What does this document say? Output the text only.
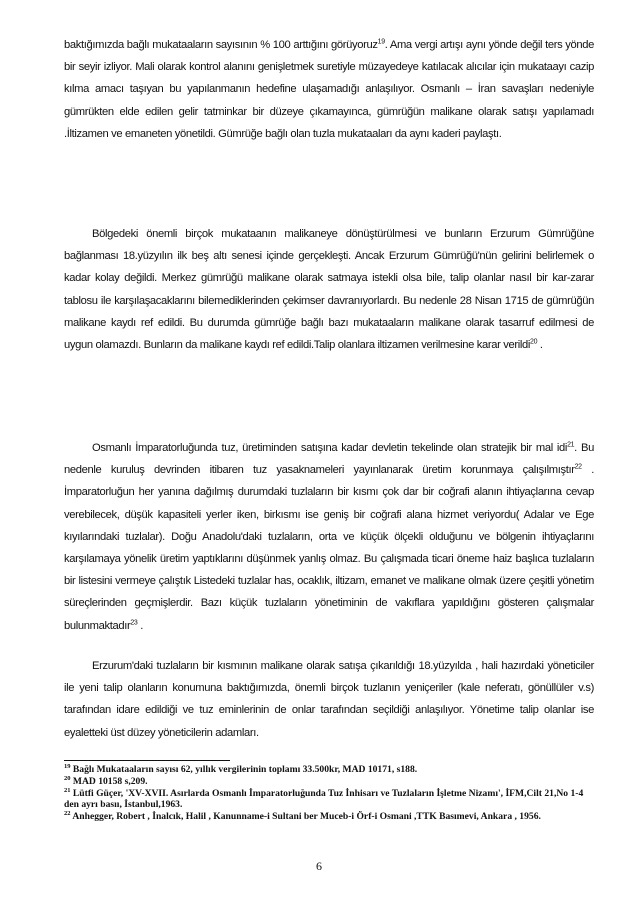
baktığımızda bağlı mukataaların sayısının % 100 arttığını görüyoruz$^{19}$. Ama vergi artışı aynı yönde değil ters yönde bir seyir izliyor. Mali olarak kontrol alanını genişletmek suretiyle müzayedeye katılacak alıcılar için mukataayı cazip kılma amacı taşıyan bu yapılanmanın hedefine ulaşamadığı anlaşılıyor. Osmanlı – İran savaşları nedeniyle gümrükten elde edilen gelir tatminkar bir düzeye çıkamayınca, gümrüğün malikane olarak satışı yapılamadı .İltizamen ve emaneten yönetildi. Gümrüğe bağlı olan tuzla mukataaları da aynı kaderi paylaştı.

Bölgedeki önemli birçok mukataanın malikaneye dönüştürülmesi ve bunların Erzurum Gümrüğüne bağlanması 18.yüzyılın ilk beş altı senesi içinde gerçekleşti. Ancak Erzurum Gümrüğü'nün gelirini belirlemek o kadar kolay değildi. Merkez gümrüğü malikane olarak satmaya istekli olsa bile, talip olanlar nasıl bir kar-zarar tablosu ile karşılaşacaklarını bilemediklerinden çekimser davranıyorlardı. Bu nedenle 28 Nisan 1715 de gümrüğün malikane kaydı ref edildi. Bu durumda gümrüğe bağlı bazı mukataaların malikane olarak tasarruf edilmesi de uygun olamazdı. Bunların da malikane kaydı ref edildi.Talip olanlara iltizamen verilmesine karar verildi$^{20}$ .

Osmanlı İmparatorluğunda tuz, üretiminden satışına kadar devletin tekelinde olan stratejik bir mal idi$^{21}$. Bu nedenle kuruluş devrinden itibaren tuz yasaknameleri yayınlanarak üretim korunmaya çalışılmıştır$^{22}$ . İmparatorluğun her yanına dağılmış durumdaki tuzlaların bir kısmı çok dar bir coğrafi alanın ihtiyaçlarına cevap verebilecek, düşük kapasiteli yerler iken, birkısmı ise geniş bir coğrafi alana hizmet veriyordu( Adalar ve Ege kıyılarındaki tuzlalar). Doğu Anadolu'daki tuzlaların, orta ve küçük ölçekli olduğunu ve bölgenin ihtiyaçlarını karşılamaya yönelik üretim yaptıklarını düşünmek yanlış olmaz. Bu çalışmada ticari öneme haiz başlıca tuzlaların bir listesini vermeye çalıştık Listedeki tuzlalar has, ocaklık, iltizam, emanet ve malikane olmak üzere çeşitli yönetim süreçlerinden geçmişlerdir. Bazı küçük tuzlaların yönetiminin de vakıflara yapıldığını gösteren çalışmalar bulunmaktadır$^{23}$ .

Erzurum'daki tuzlaların bir kısmının malikane olarak satışa çıkarıldığı 18.yüzyılda , hali hazırdaki yöneticiler ile yeni talip olanların konumuna baktığımızda, önemli birçok tuzlanın yeniçeriler (kale neferatı, gönüllüler v.s) tarafından idare edildiği ve tuz eminlerinin de onlar tarafından seçildiği anlaşılıyor. Yönetime talip olanlar ise eyaletteki üst düzey yöneticilerin adamları.

$^{19}$ Bağlı Mukataaların sayısı 62, yıllık vergilerinin toplamı 33.500kr, MAD 10171, s188.

$^{20}$ MAD 10158 s,209.

$^{21}$ Lütfi Güçer, 'XV-XVII. Asırlarda Osmanlı İmparatorluğunda Tuz İnhisarı ve Tuzlaların İşletme Nizamı', İFM,Cilt 21,No 1-4 den ayrı basıı, İstanbul,1963.

$^{22}$ Anhegger, Robert , İnalcık, Halil , Kanunname-i Sultani ber Muceb-i Örf-i Osmani ,TTK Basımevi, Ankara , 1956.

6
